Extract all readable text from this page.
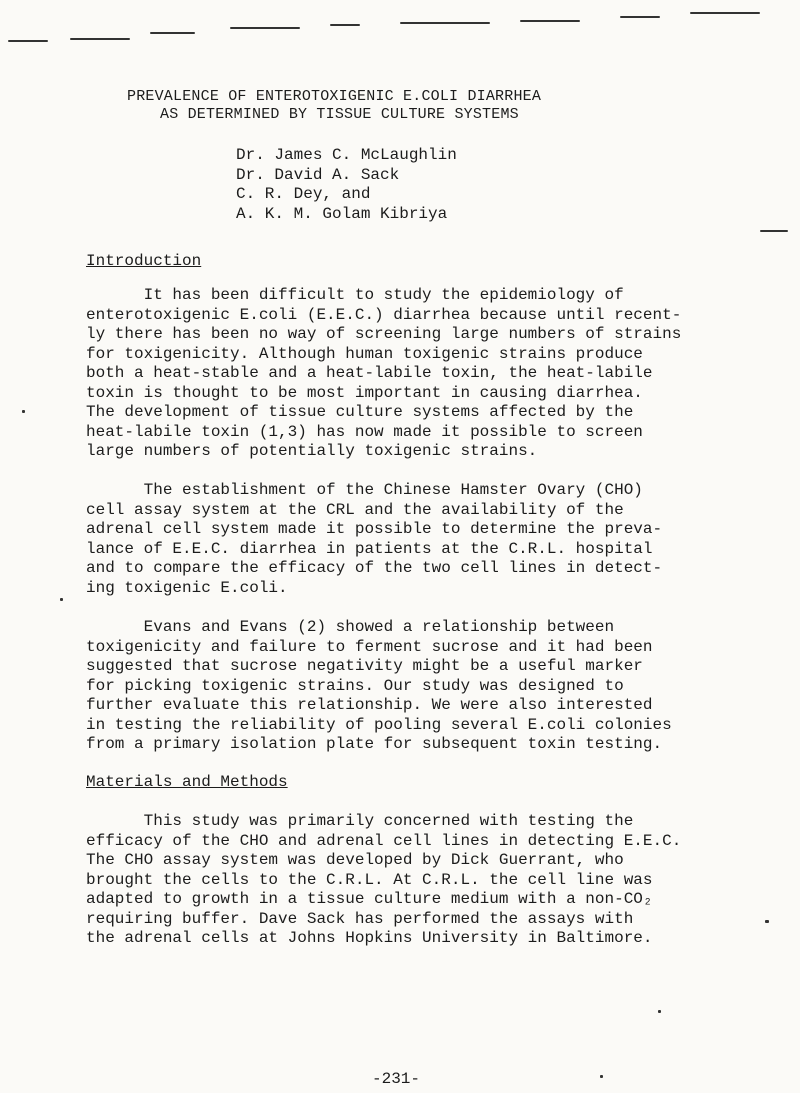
PREVALENCE OF ENTEROTOXIGENIC E.COLI DIARRHEA
AS DETERMINED BY TISSUE CULTURE SYSTEMS
Dr. James C. McLaughlin
Dr. David A. Sack
C. R. Dey, and
A. K. M. Golam Kibriya
Introduction
It has been difficult to study the epidemiology of
enterotoxigenic E.coli (E.E.C.) diarrhea because until recent-
ly there has been no way of screening large numbers of strains
for toxigenicity. Although human toxigenic strains produce
both a heat-stable and a heat-labile toxin, the heat-labile
toxin is thought to be most important in causing diarrhea.
The development of tissue culture systems affected by the
heat-labile toxin (1,3) has now made it possible to screen
large numbers of potentially toxigenic strains.
The establishment of the Chinese Hamster Ovary (CHO)
cell assay system at the CRL and the availability of the
adrenal cell system made it possible to determine the preva-
lance of E.E.C. diarrhea in patients at the C.R.L. hospital
and to compare the efficacy of the two cell lines in detect-
ing toxigenic E.coli.
Evans and Evans (2) showed a relationship between
toxigenicity and failure to ferment sucrose and it had been
suggested that sucrose negativity might be a useful marker
for picking toxigenic strains. Our study was designed to
further evaluate this relationship. We were also interested
in testing the reliability of pooling several E.coli colonies
from a primary isolation plate for subsequent toxin testing.
Materials and Methods
This study was primarily concerned with testing the
efficacy of the CHO and adrenal cell lines in detecting E.E.C.
The CHO assay system was developed by Dick Guerrant, who
brought the cells to the C.R.L. At C.R.L. the cell line was
adapted to growth in a tissue culture medium with a non-CO₂
requiring buffer. Dave Sack has performed the assays with
the adrenal cells at Johns Hopkins University in Baltimore.
-231-
